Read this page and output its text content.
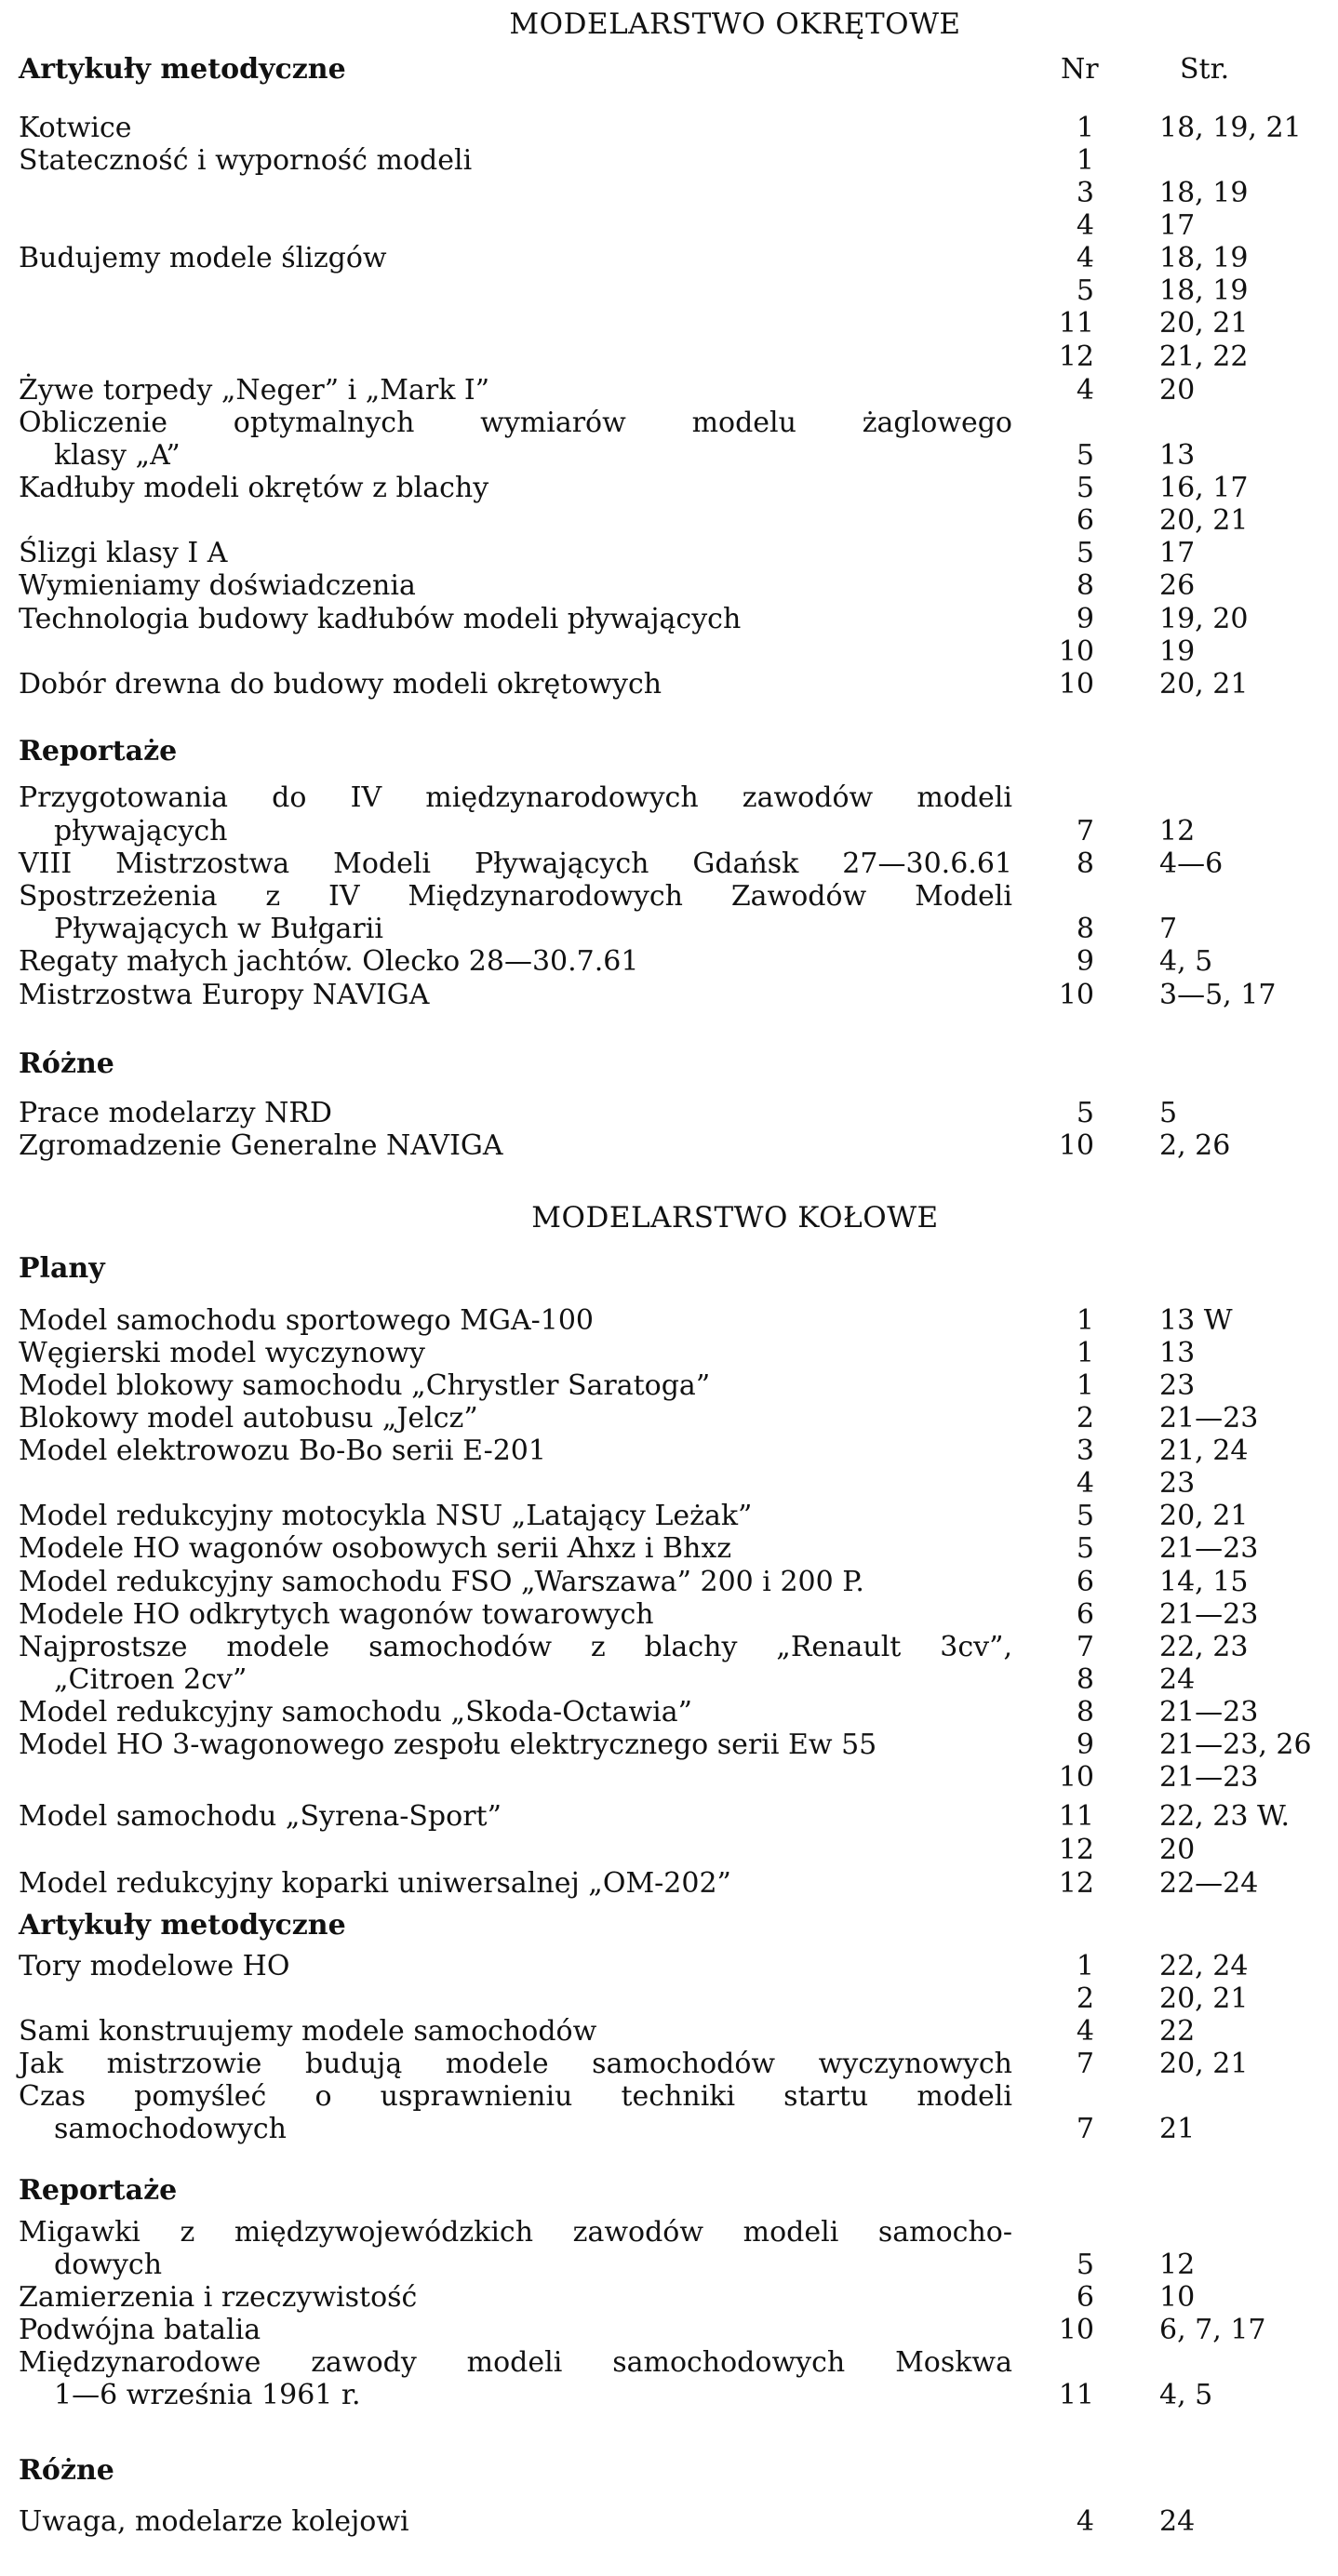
MODELARSTWO OKRĘTOWE
Nr	Str.
Artykuły metodyczne
Kotwice	1 18, 19, 21
Stateczność i wyporność modeli	1
3 18, 19
4 17
Budujemy modele ślizgów	4 18, 19
5 18, 19
11 20, 21
12 21, 22
Żywe torpedy „Neger” i „Mark I”	4 20
Obliczenie optymalnych wymiarów modelu żaglowego
klasy „A”	5 13
Kadłuby modeli okrętów z blachy	5 16, 17
6 20, 21
Ślizgi klasy I A	5 17
Wymieniamy doświadczenia	8 26
Technologia budowy kadłubów modeli pływających	9 19, 20
10 19
Dobór drewna do budowy modeli okrętowych	10 20, 21
Reportaże
Przygotowania do IV międzynarodowych zawodów modeli
pływających	7 12
VIII Mistrzostwa Modeli Pływających Gdańsk 27—30.6.61	8 4—6
Spostrzeżenia z IV Międzynarodowych Zawodów Modeli
Pływających w Bułgarii	8 7
Regaty małych jachtów. Olecko 28—30.7.61	9 4, 5
Mistrzostwa Europy NAVIGA	10 3—5, 17
Różne
Prace modelarzy NRD	5 5
Zgromadzenie Generalne NAVIGA	10 2, 26
MODELARSTWO KOŁOWE
Plany
Model samochodu sportowego MGA-100	1 13 W
Węgierski model wyczynowy	1 13
Model blokowy samochodu „Chrystler Saratoga”	1 23
Blokowy model autobusu „Jelcz”	2 21—23
Model elektrowozu Bo-Bo serii E-201	3 21, 24
4 23
Model redukcyjny motocykla NSU „Latający Leżak”	5 20, 21
Modele HO wagonów osobowych serii Ahxz i Bhxz	5 21—23
Model redukcyjny samochodu FSO „Warszawa” 200 i 200 P.	6 14, 15
Modele HO odkrytych wagonów towarowych	6 21—23
Najprostsze modele samochodów z blachy „Renault 3cv”,	7 22, 23
„Citroen 2cv”	8 24
Model redukcyjny samochodu „Skoda-Octawia”	8 21—23
Model HO 3-wagonowego zespołu elektrycznego serii Ew 55	9 21—23, 26
10 21—23
Model samochodu „Syrena-Sport”	11 22, 23 W.
12 20
Model redukcyjny koparki uniwersalnej „OM-202”	12 22—24
Artykuły metodyczne
Tory modelowe HO	1 22, 24
2 20, 21
Sami konstruujemy modele samochodów	4 22
Jak mistrzowie budują modele samochodów wyczynowych	7 20, 21
Czas pomyśleć o usprawnieniu techniki startu modeli
samochodowych	7 21
Reportaże
Migawki z międzywojewódzkich zawodów modeli samocho-
dowych	5 12
Zamierzenia i rzeczywistość	6 10
Podwójna batalia	10 6, 7, 17
Międzynarodowe zawody modeli samochodowych Moskwa
1—6 września 1961 r.	11 4, 5
Różne
Uwaga, modelarze kolejowi	4 24
